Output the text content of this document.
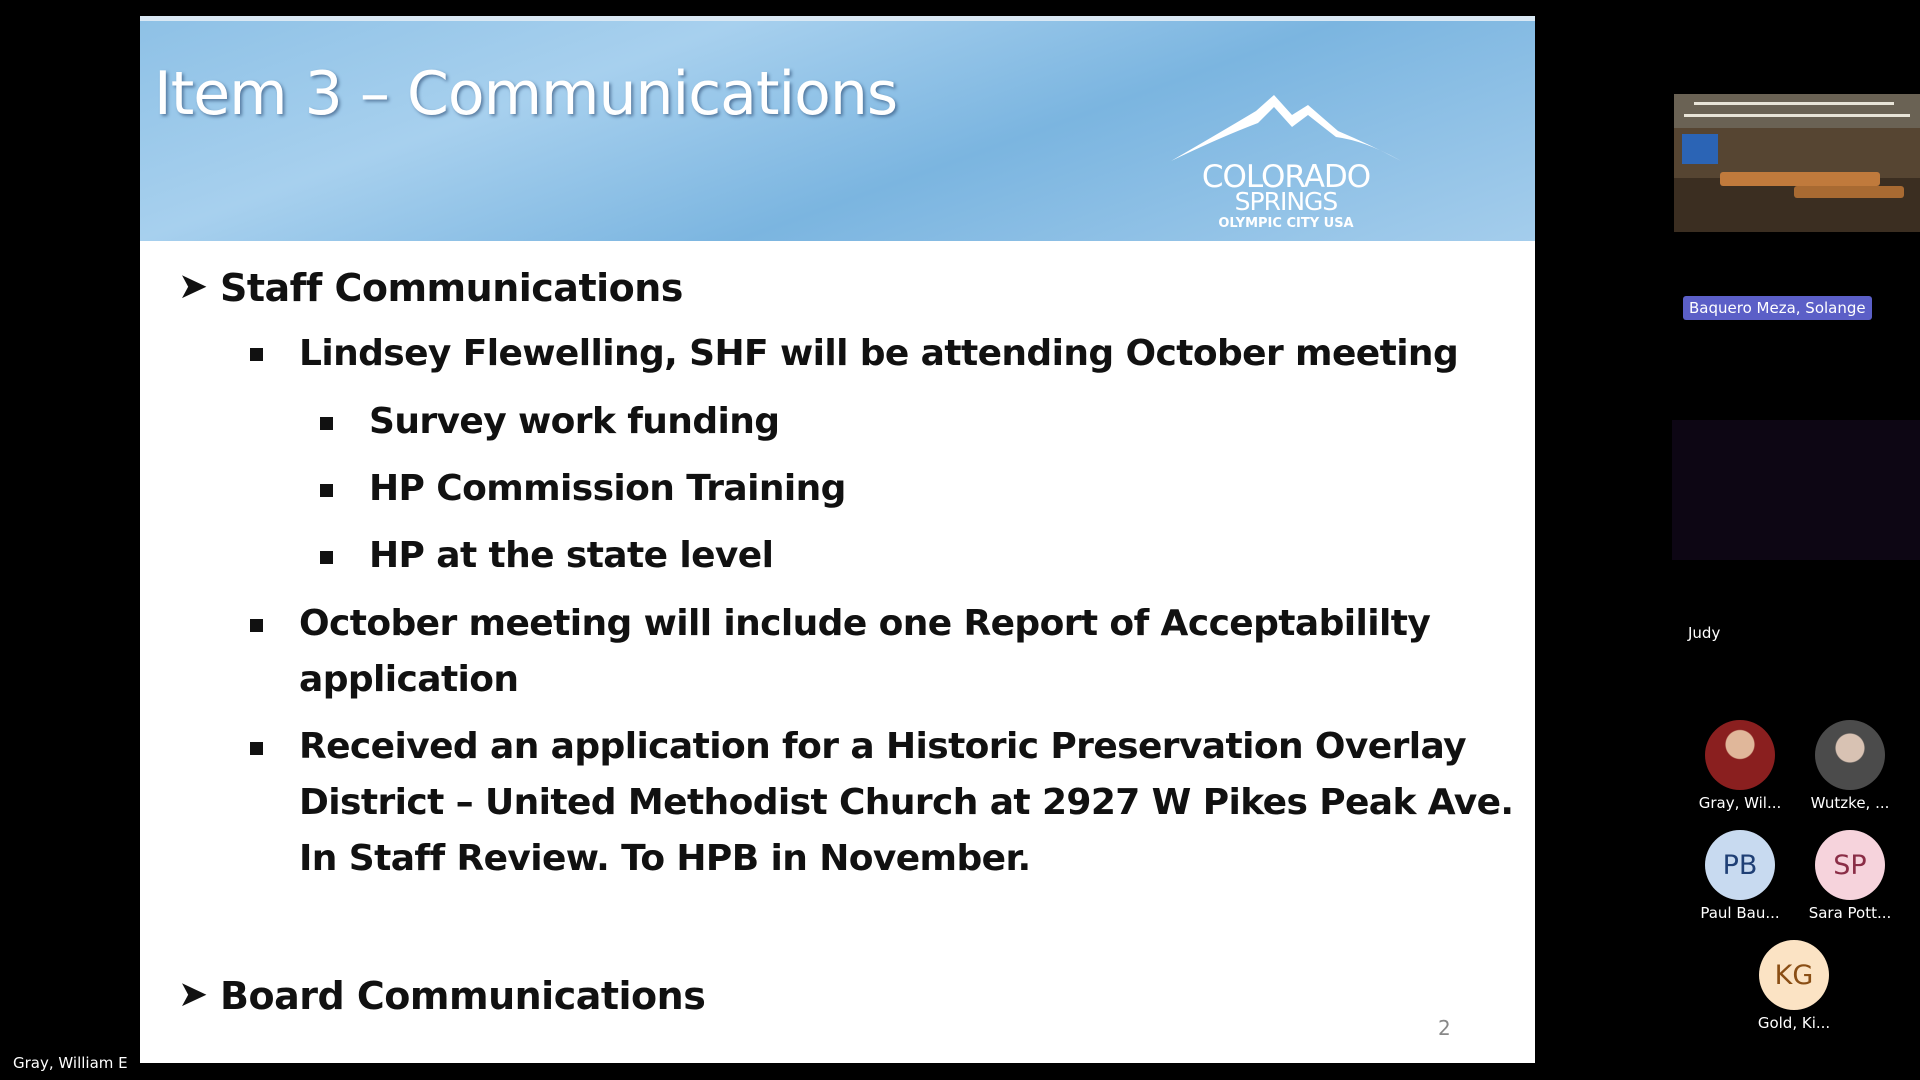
Item 3 – Communications
COLORADO
SPRINGS
OLYMPIC CITY USA
➤ Staff Communications
Lindsey Flewelling, SHF will be attending October meeting
Survey work funding
HP Commission Training
HP at the state level
October meeting will include one Report of Acceptabililty
application
Received an application for a Historic Preservation Overlay
District – United Methodist Church at 2927 W Pikes Peak Ave.
In Staff Review. To HPB in November.
➤ Board Communications
2
Gray, William E
Baquero Meza, Solange
Judy
Gray, Wil...	Wutzke, ...
PB
Paul Bau...
SP
Sara Pott...
KG
Gold, Ki...
